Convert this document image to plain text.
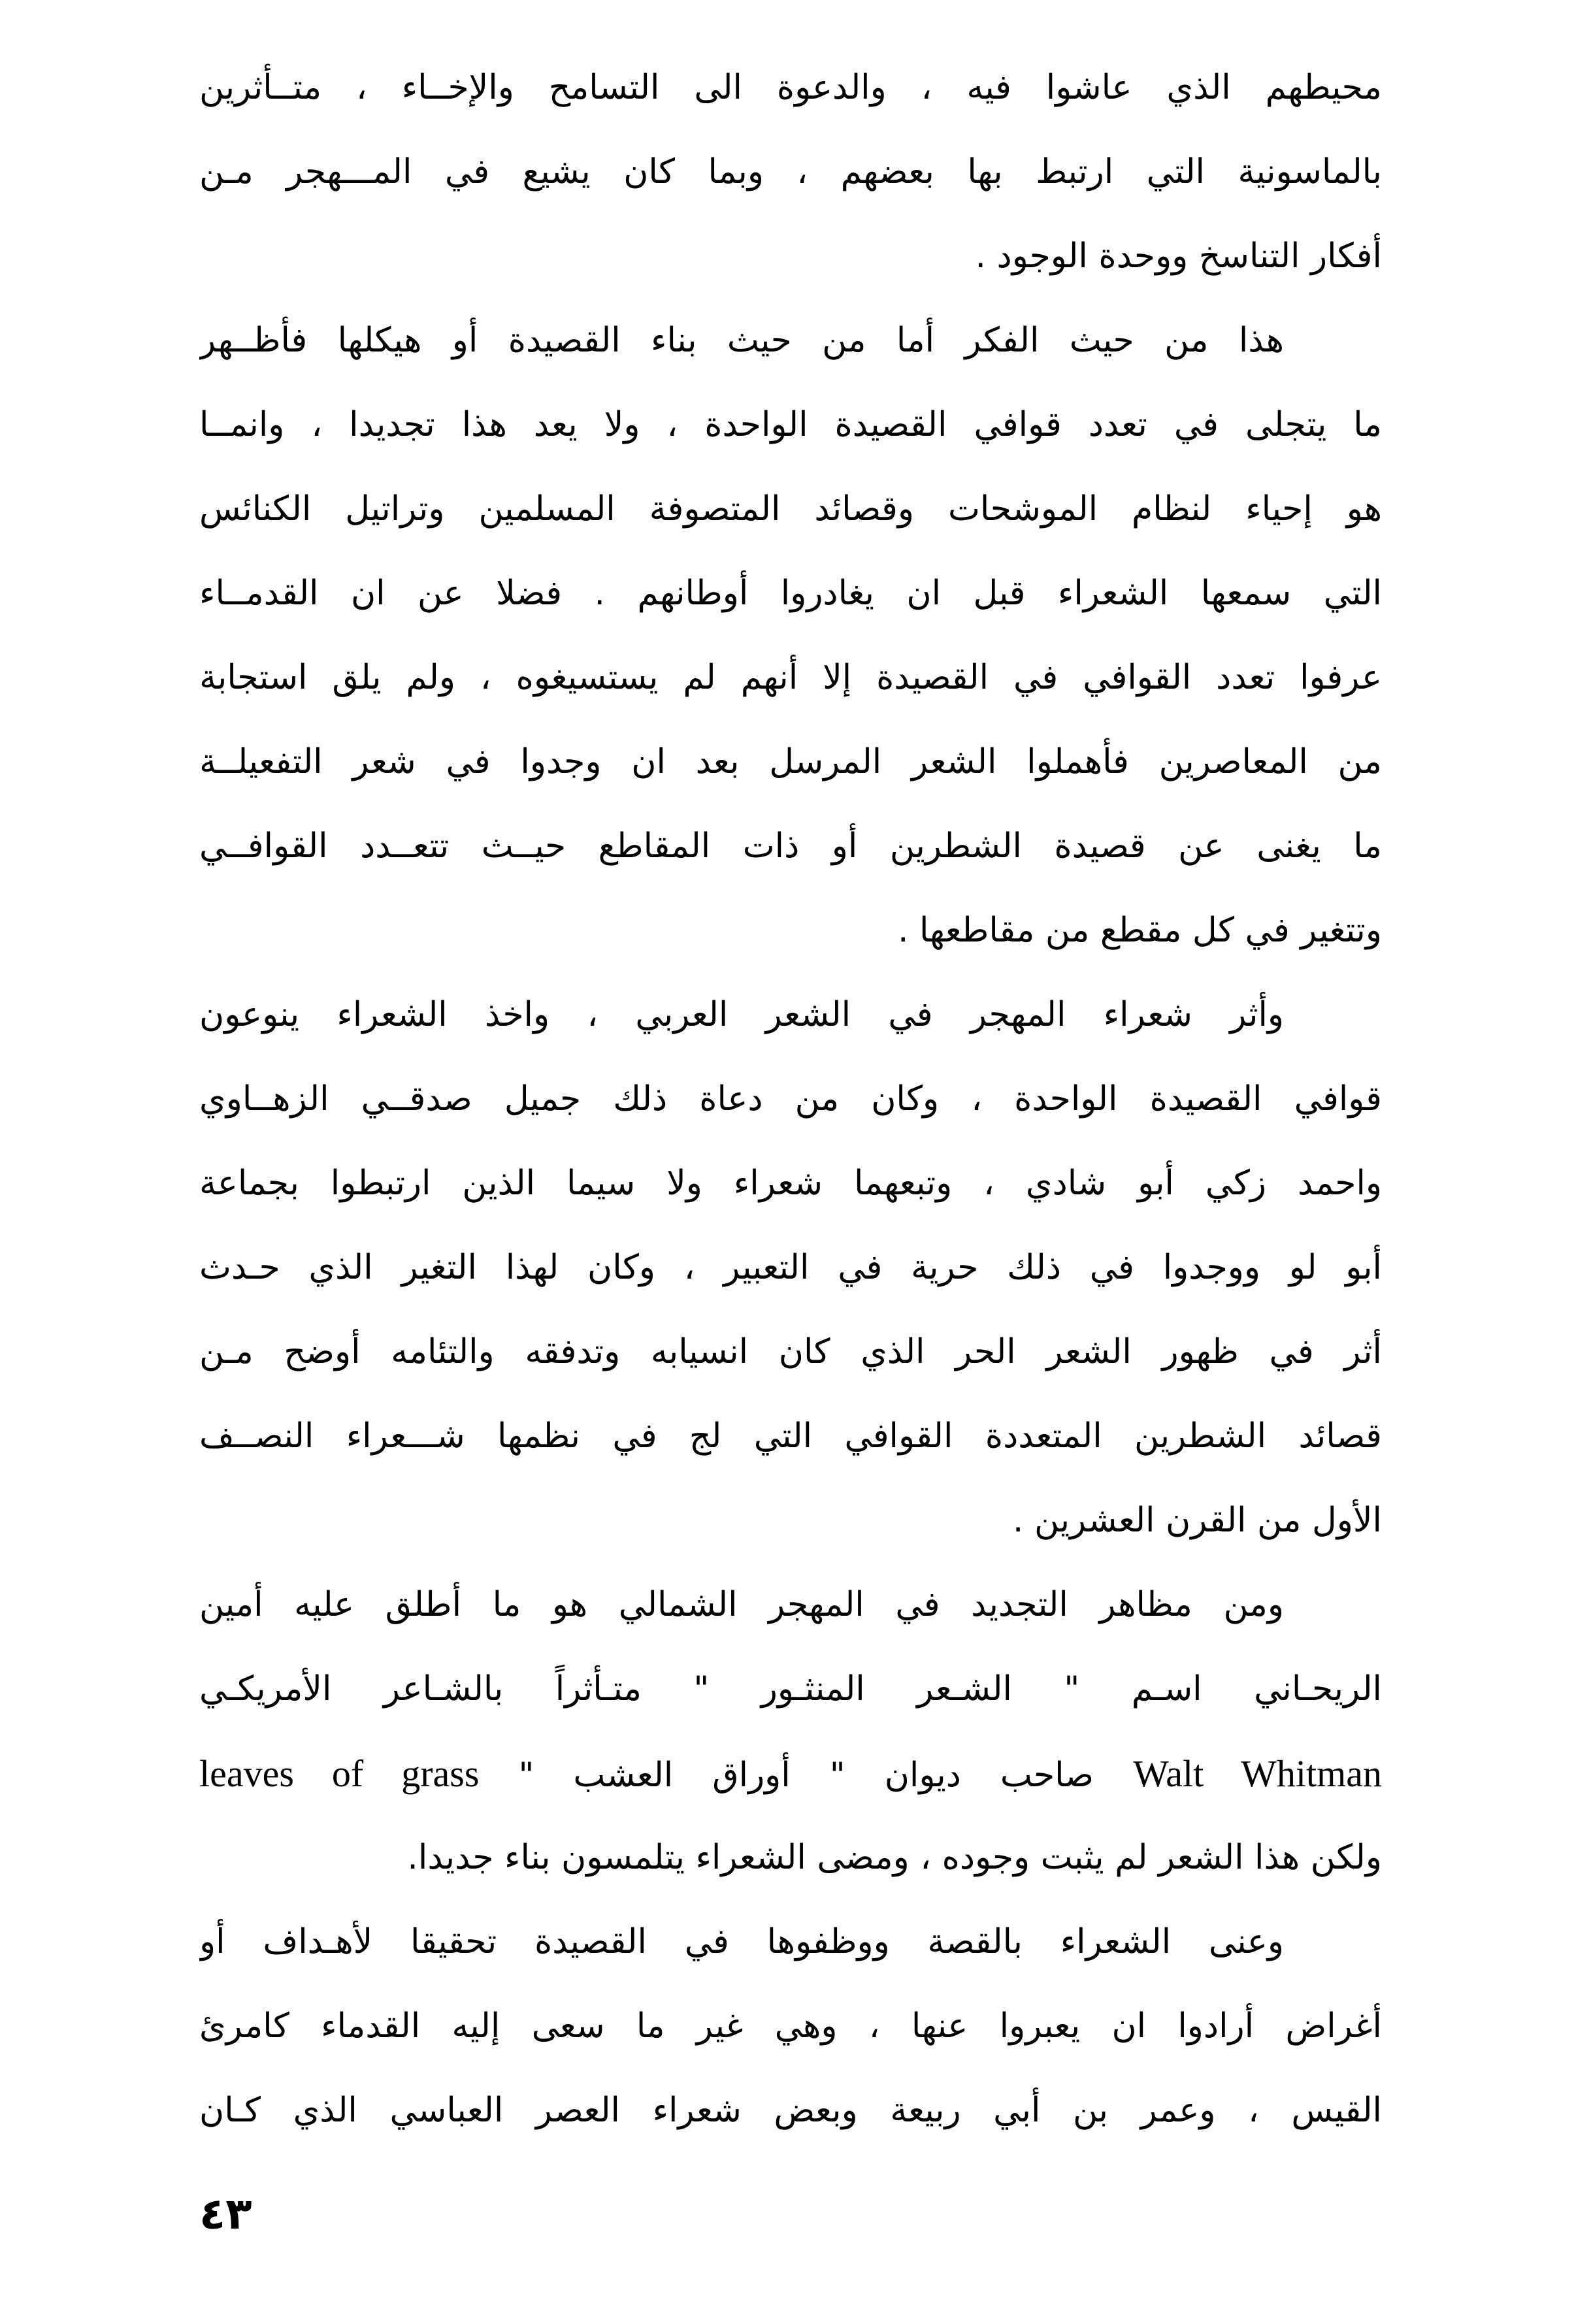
محيطهم الذي عاشوا فيه ، والدعوة الى التسامح والإخــاء ، متــأثرين
بالماسونية التي ارتبط بها بعضهم ، وبما كان يشيع في المـــهجر مـن
أفكار التناسخ ووحدة الوجود .
هذا من حيث الفكر أما من حيث بناء القصيدة أو هيكلها فأظــهر
ما يتجلى في تعدد قوافي القصيدة الواحدة ، ولا يعد هذا تجديدا ، وانمــا
هو إحياء لنظام الموشحات وقصائد المتصوفة المسلمين وتراتيل الكنائس
التي سمعها الشعراء قبل ان يغادروا أوطانهم . فضلا عن ان القدمــاء
عرفوا تعدد القوافي في القصيدة إلا أنهم لم يستسيغوه ، ولم يلق استجابة
من المعاصرين فأهملوا الشعر المرسل بعد ان وجدوا في شعر التفعيلــة
ما يغنى عن قصيدة الشطرين أو ذات المقاطع حيــث تتعــدد القوافــي
وتتغير في كل مقطع من مقاطعها .
وأثر شعراء المهجر في الشعر العربي ، واخذ الشعراء ينوعون
قوافي القصيدة الواحدة ، وكان من دعاة ذلك جميل صدقــي الزهــاوي
واحمد زكي أبو شادي ، وتبعهما شعراء ولا سيما الذين ارتبطوا بجماعة
أبو لو ووجدوا في ذلك حرية في التعبير ، وكان لهذا التغير الذي حـدث
أثر في ظهور الشعر الحر الذي كان انسيابه وتدفقه والتئامه أوضح مـن
قصائد الشطرين المتعددة القوافي التي لج في نظمها شـــعراء النصــف
الأول من القرن العشرين .
ومن مظاهر التجديد في المهجر الشمالي هو ما أطلق عليه أمين
الريحـاني اسـم " الشـعر المنثـور " متـأثراً بالشـاعر الأمريكـي
Walt Whitman صاحب ديوان " أوراق العشب " leaves of grass
ولكن هذا الشعر لم يثبت وجوده ، ومضى الشعراء يتلمسون بناء جديدا.
وعنى الشعراء بالقصة ووظفوها في القصيدة تحقيقا لأهـداف أو
أغراض أرادوا ان يعبروا عنها ، وهي غير ما سعى إليه القدماء كامرئ
القيس ، وعمر بن أبي ربيعة وبعض شعراء العصر العباسي الذي كـان
٤٣
